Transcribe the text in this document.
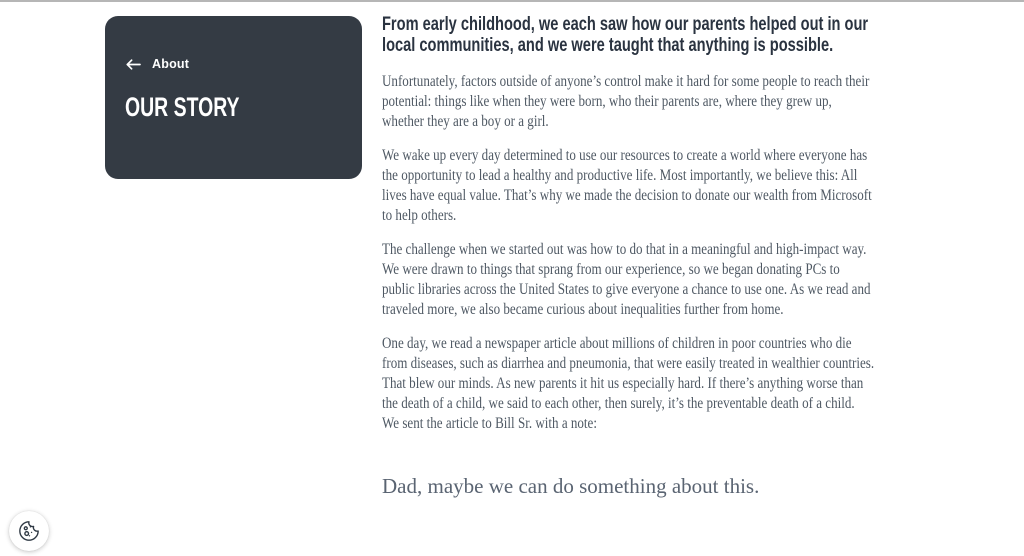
About
OUR STORY
From early childhood, we each saw how our parents helped out in our local communities, and we were taught that anything is possible.

Unfortunately, factors outside of anyone’s control make it hard for some people to reach their potential: things like when they were born, who their parents are, where they grew up, whether they are a boy or a girl.

We wake up every day determined to use our resources to create a world where everyone has the opportunity to lead a healthy and productive life. Most importantly, we believe this: All lives have equal value. That’s why we made the decision to donate our wealth from Microsoft to help others.

The challenge when we started out was how to do that in a meaningful and high-impact way. We were drawn to things that sprang from our experience, so we began donating PCs to public libraries across the United States to give everyone a chance to use one. As we read and traveled more, we also became curious about inequalities further from home.

One day, we read a newspaper article about millions of children in poor countries who die from diseases, such as diarrhea and pneumonia, that were easily treated in wealthier countries. That blew our minds. As new parents it hit us especially hard. If there’s anything worse than the death of a child, we said to each other, then surely, it’s the preventable death of a child. We sent the article to Bill Sr. with a note:

Dad, maybe we can do something about this.
